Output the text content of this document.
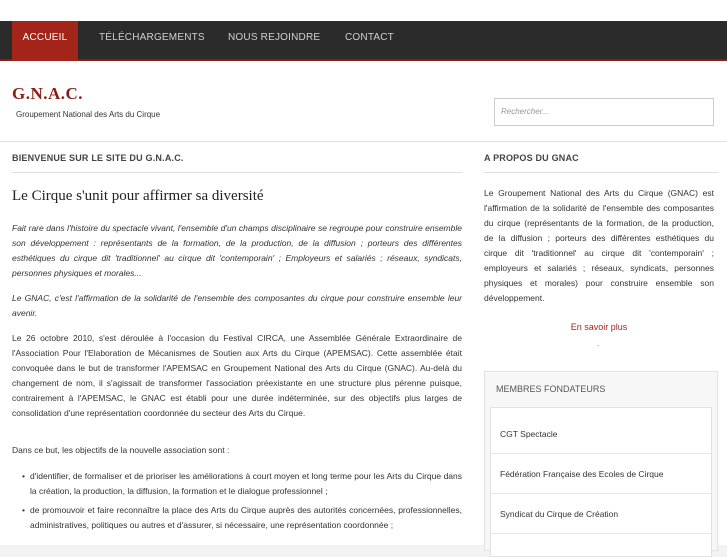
ACCUEIL	TÉLÉCHARGEMENTS NOUS REJOINDRE CONTACT
G.N.A.C.
Groupement National des Arts du Cirque	Rechercher...
BIENVENUE SUR LE SITE DU G.N.A.C.	A PROPOS DU GNAC
Le Cirque s'unit pour affirmer sa diversité
Fait rare dans l'histoire du spectacle vivant, l'ensemble d'un champs disciplinaire se regroupe pour construire ensemble son développement : représentants de la formation, de la production, de la diffusion ; porteurs des différentes esthétiques du cirque dit 'traditionnel' au cirque dit 'contemporain' ; Employeurs et salariés ; réseaux, syndicats, personnes physiques et morales...
Le GNAC, c'est l'affirmation de la solidarité de l'ensemble des composantes du cirque pour construire ensemble leur avenir.
Le 26 octobre 2010, s'est déroulée à l'occasion du Festival CIRCA, une Assemblée Générale Extraordinaire de l'Association Pour l'Elaboration de Mécanismes de Soutien aux Arts du Cirque (APEMSAC). Cette assemblée était convoquée dans le but de transformer l'APEMSAC en Groupement National des Arts du Cirque (GNAC). Au-delà du changement de nom, il s'agissait de transformer l'association préexistante en une structure plus pérenne puisque, contrairement à l'APEMSAC, le GNAC est établi pour une durée indéterminée, sur des objectifs plus larges de consolidation d'une représentation coordonnée du secteur des Arts du Cirque.
Dans ce but, les objectifs de la nouvelle association sont :
• d'identifier, de formaliser et de prioriser les améliorations à court moyen et long terme pour les Arts du Cirque dans la création, la production, la diffusion, la formation et le dialogue professionnel ;
• de promouvoir et faire reconnaître la place des Arts du Cirque auprès des autorités concernées, professionnelles, administratives, politiques ou autres et d'assurer, si nécessaire, une représentation coordonnée ;
Le Groupement National des Arts du Cirque (GNAC) est l'affirmation de la solidarité de l'ensemble des composantes du cirque (représentants de la formation, de la production, de la diffusion ; porteurs des différentes esthétiques du cirque dit 'traditionnel' au cirque dit 'contemporain' ; employeurs et salariés ; réseaux, syndicats, personnes physiques et morales) pour construire ensemble son développement.
En savoir plus
.
MEMBRES FONDATEURS
CGT Spectacle
Fédération Française des Ecoles de Cirque
Syndicat du Cirque de Création
